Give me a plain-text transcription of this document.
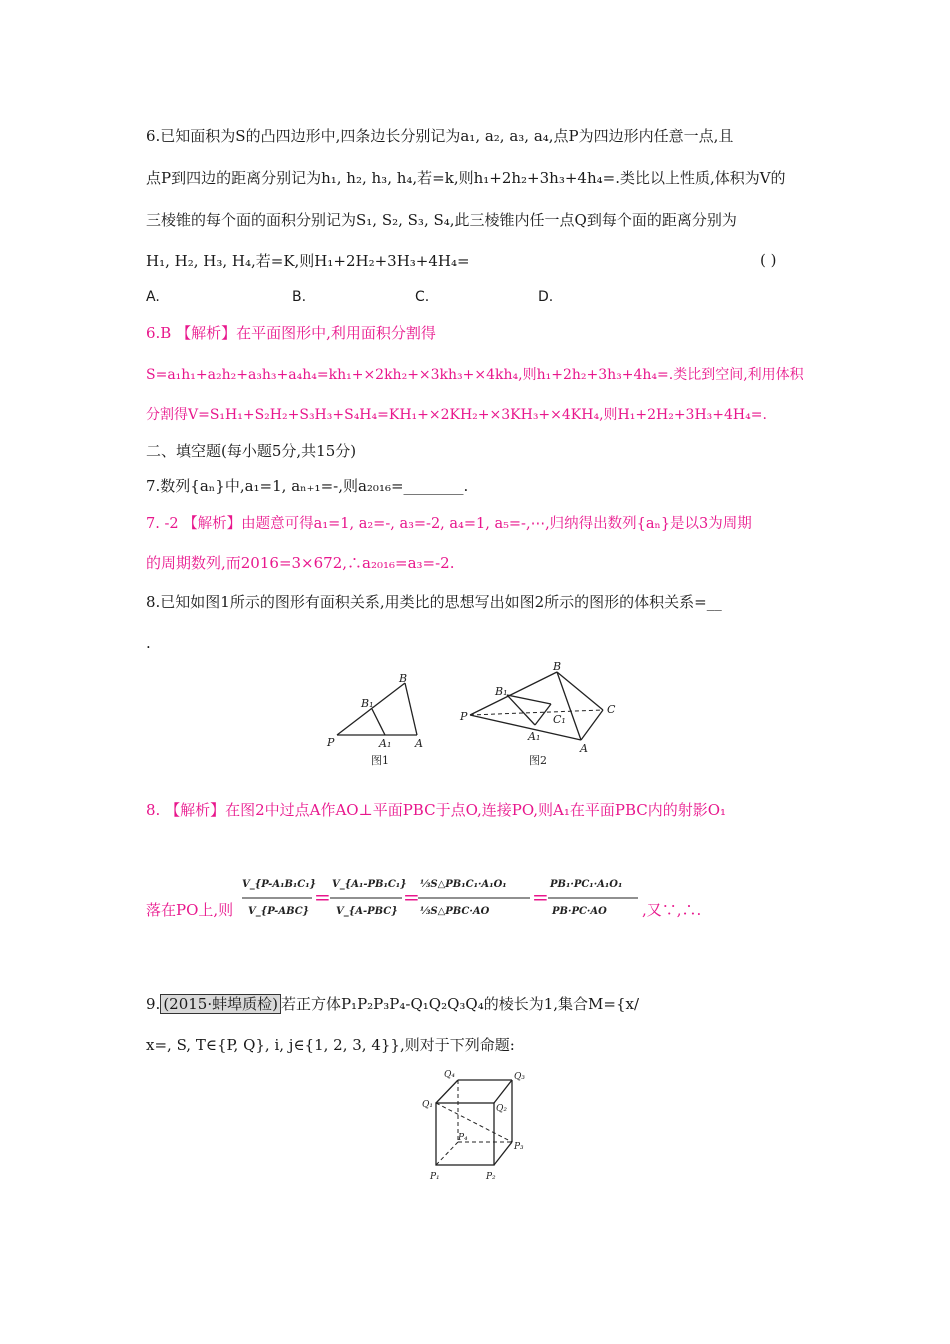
6.已知面积为S的凸四边形中,四条边长分别记为a₁, a₂, a₃, a₄,点P为四边形内任意一点,且
点P到四边的距离分别记为h₁, h₂, h₃, h₄,若=k,则h₁+2h₂+3h₃+4h₄=.类比以上性质,体积为V的
三棱锥的每个面的面积分别记为S₁, S₂, S₃, S₄,此三棱锥内任一点Q到每个面的距离分别为
H₁, H₂, H₃, H₄,若=K,则H₁+2H₂+3H₃+4H₄=	( )
A.	B.	C.	D.
6.B 【解析】在平面图形中,利用面积分割得
S=a₁h₁+a₂h₂+a₃h₃+a₄h₄=kh₁+×2kh₂+×3kh₃+×4kh₄,则h₁+2h₂+3h₃+4h₄=.类比到空间,利用体积
分割得V=S₁H₁+S₂H₂+S₃H₃+S₄H₄=KH₁+×2KH₂+×3KH₃+×4KH₄,则H₁+2H₂+3H₃+4H₄=.
二、填空题(每小题5分,共15分)
7.数列{aₙ}中,a₁=1, aₙ₊₁=-,则a₂₀₁₆=________.
7. -2 【解析】由题意可得a₁=1, a₂=-, a₃=-2, a₄=1, a₅=-,⋯,归纳得出数列{aₙ}是以3为周期
的周期数列,而2016=3×672,∴a₂₀₁₆=a₃=-2.
8.已知如图1所示的图形有面积关系,用类比的思想写出如图2所示的图形的体积关系=__
.
P
B
B₁
A₁ A
P
B
B₁
C
C₁
A₁
A
图1	图2
8. 【解析】在图2中过点A作AO⊥平面PBC于点O,连接PO,则A₁在平面PBC内的射影O₁
落在PO上,则
V_{P-A₁B₁C₁}
V_{P-ABC}
V_{A₁-PB₁C₁}
V_{A-PBC}
⅓S△PB₁C₁·A₁O₁
⅓S△PBC·AO
PB₁·PC₁·A₁O₁
PB·PC·AO
=	=	=
,又∵,∴.
9. (2015·蚌埠质检) 若正方体P₁P₂P₃P₄-Q₁Q₂Q₃Q₄的棱长为1,集合M={x/
x=, S, T∈{P, Q}, i, j∈{1, 2, 3, 4}},则对于下列命题:
Q₄	Q₃
Q₁	Q₂
P₄
P₃
P₁	P₂
